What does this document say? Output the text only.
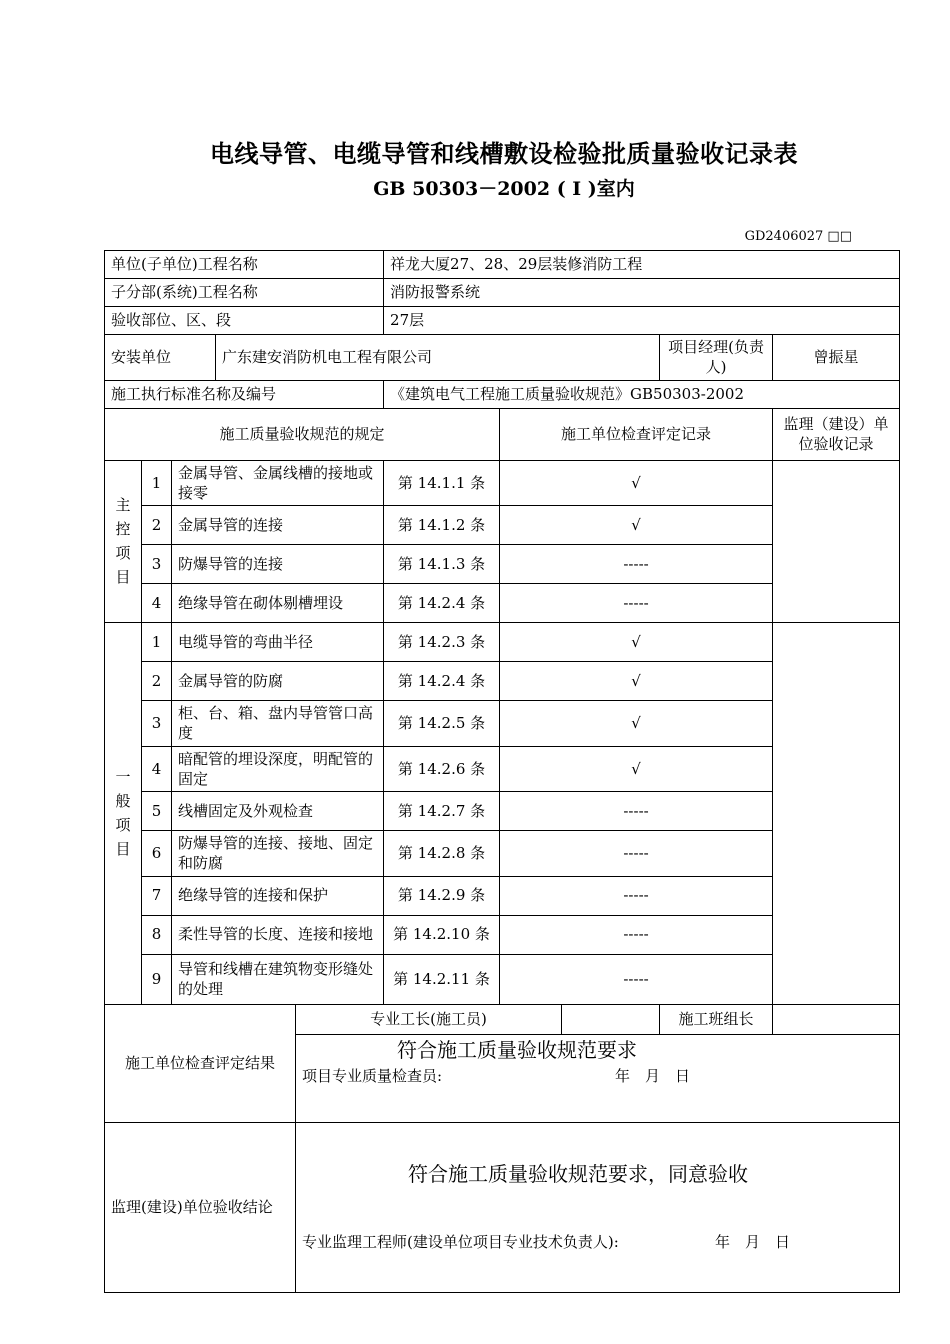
电线导管、电缆导管和线槽敷设检验批质量验收记录表
GB 50303－2002 ( I )室内
GD2406027 □□
单位(子单位)工程名称					祥龙大厦27、28、29层装修消防工程				
子分部(系统)工程名称					消防报警系统				
验收部位、区、段					27层				
安装单位			广东建安消防机电工程有限公司					项目经理(负责人)	曾振星
施工执行标准名称及编号					《建筑电气工程施工质量验收规范》GB50303-2002				
施工质量验收规范的规定						施工单位检查评定记录			监理（建设）单位验收记录
主
控
项
目	1	金属导管、金属线槽的接地或接零			第 14.1.1 条	√			
	2	金属导管的连接			第 14.1.2 条	√			
	3	防爆导管的连接			第 14.1.3 条	-----			
	4	绝缘导管在砌体剔槽埋设			第 14.2.4 条	-----			
一
般
项
目	1	电缆导管的弯曲半径			第 14.2.3 条	√			
	2	金属导管的防腐			第 14.2.4 条	√			
	3	柜、台、箱、盘内导管管口高度			第 14.2.5 条	√			
	4	暗配管的埋设深度，明配管的固定			第 14.2.6 条	√			
	5	线槽固定及外观检查			第 14.2.7 条	-----			
	6	防爆导管的连接、接地、固定和防腐			第 14.2.8 条	-----			
	7	绝缘导管的连接和保护			第 14.2.9 条	-----			
	8	柔性导管的长度、连接和接地			第 14.2.10 条	-----			
	9	导管和线槽在建筑物变形缝处的处理			第 14.2.11 条	-----			
施工单位检查评定结果				专业工长(施工员)				施工班组长	

				符合施工质量验收规范要求
项目专业质量检查员: 年　月　日					

监理(建设)单位验收结论				符合施工质量验收规范要求，同意验收
专业监理工程师(建设单位项目专业技术负责人): 年　月　日					
